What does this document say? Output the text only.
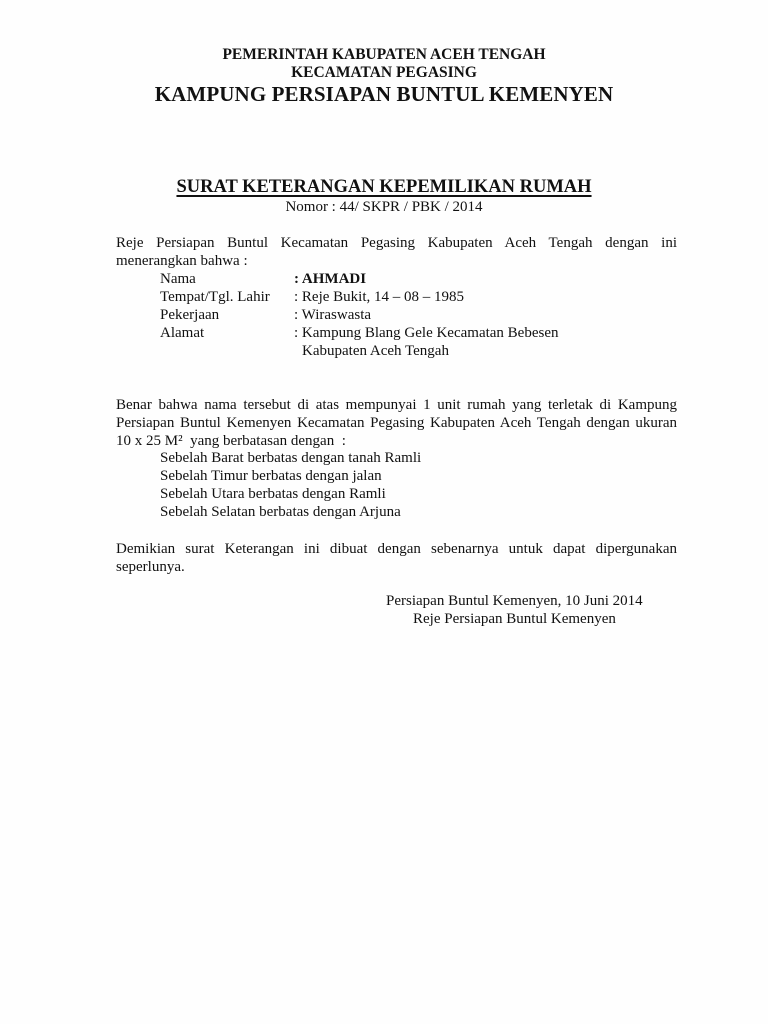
PEMERINTAH KABUPATEN ACEH TENGAH
KECAMATAN PEGASING
KAMPUNG PERSIAPAN BUNTUL KEMENYEN
SURAT KETERANGAN KEPEMILIKAN RUMAH
Nomor : 44/ SKPR / PBK / 2014
Reje Persiapan Buntul Kecamatan Pegasing Kabupaten Aceh Tengah dengan ini
menerangkan bahwa :
Nama	: AHMADI
Tempat/Tgl. Lahir : Reje Bukit, 14 – 08 – 1985
Pekerjaan	: Wiraswasta
Alamat	: Kampung Blang Gele Kecamatan Bebesen
Kabupaten Aceh Tengah
Benar bahwa nama tersebut di atas mempunyai 1 unit rumah yang terletak di Kampung
Persiapan Buntul Kemenyen Kecamatan Pegasing Kabupaten Aceh Tengah dengan ukuran
10 x 25 M²  yang berbatasan dengan  :
Sebelah Barat berbatas dengan tanah Ramli
Sebelah Timur berbatas dengan jalan
Sebelah Utara berbatas dengan Ramli
Sebelah Selatan berbatas dengan Arjuna
Demikian surat Keterangan ini dibuat dengan sebenarnya untuk dapat dipergunakan
seperlunya.
Persiapan Buntul Kemenyen, 10 Juni 2014
Reje Persiapan Buntul Kemenyen
